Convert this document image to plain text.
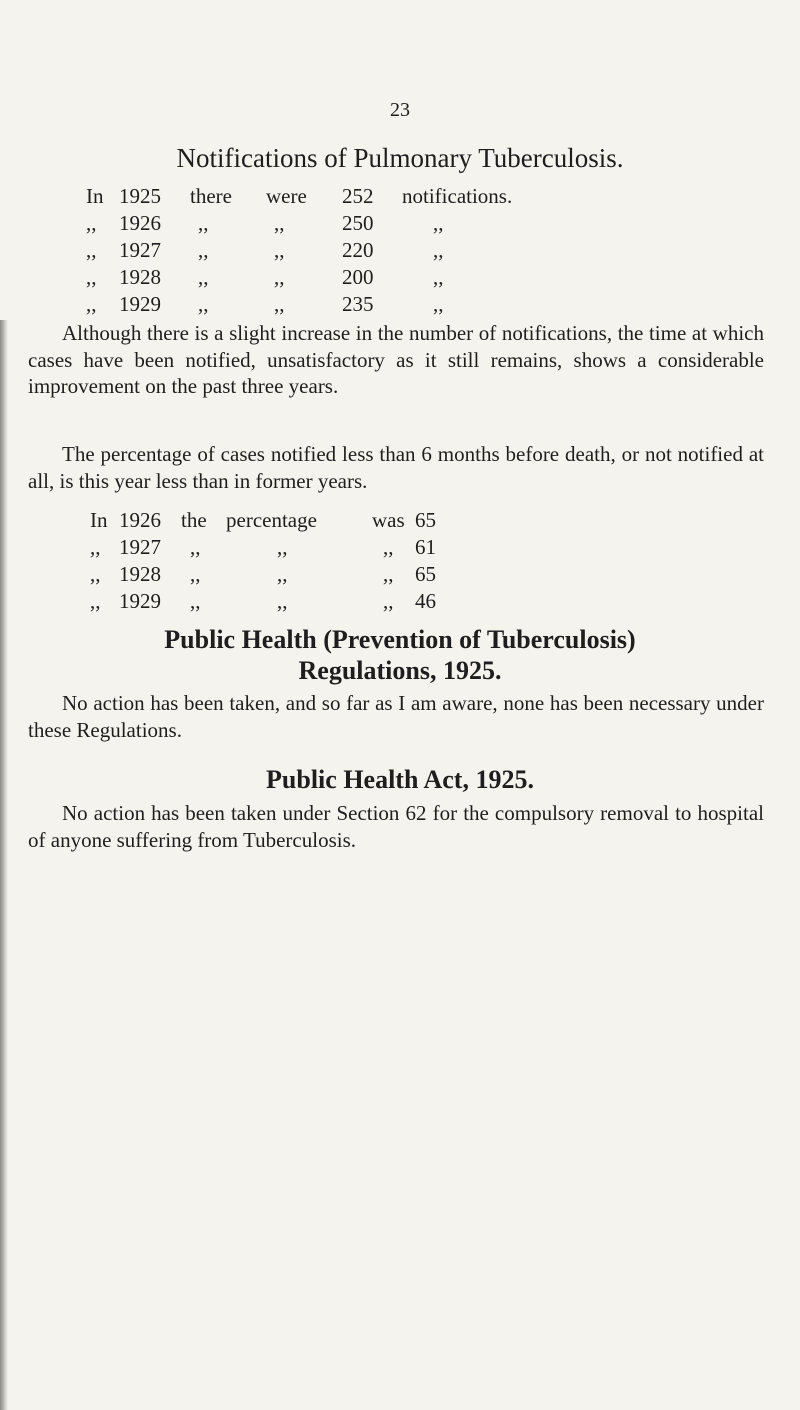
23
Notifications of Pulmonary Tuberculosis.
In 1925 there were 252 notifications.
,, 1926 ,,	,,	250	,,
,, 1927 ,,	,,	220	,,
,, 1928 ,,	,,	200	,,
,, 1929 ,,	,,	235	,,

Although there is a slight increase in the number of notifications, the time at which cases have been notified, unsatisfactory as it still remains, shows a considerable improvement on the past three years.

The percentage of cases notified less than 6 months before death, or not notified at all, is this year less than in former years.

In 1926 the percentage	was 65
,, 1927 ,,	,,	,, 61
,, 1928 ,,	,,	,, 65
,, 1929 ,,	,,	,, 46
Public Health (Prevention of Tuberculosis)
Regulations, 1925.

No action has been taken, and so far as I am aware, none has been necessary under these Regulations.

Public Health Act, 1925.

No action has been taken under Section 62 for the compulsory removal to hospital of anyone suffering from Tuberculosis.
